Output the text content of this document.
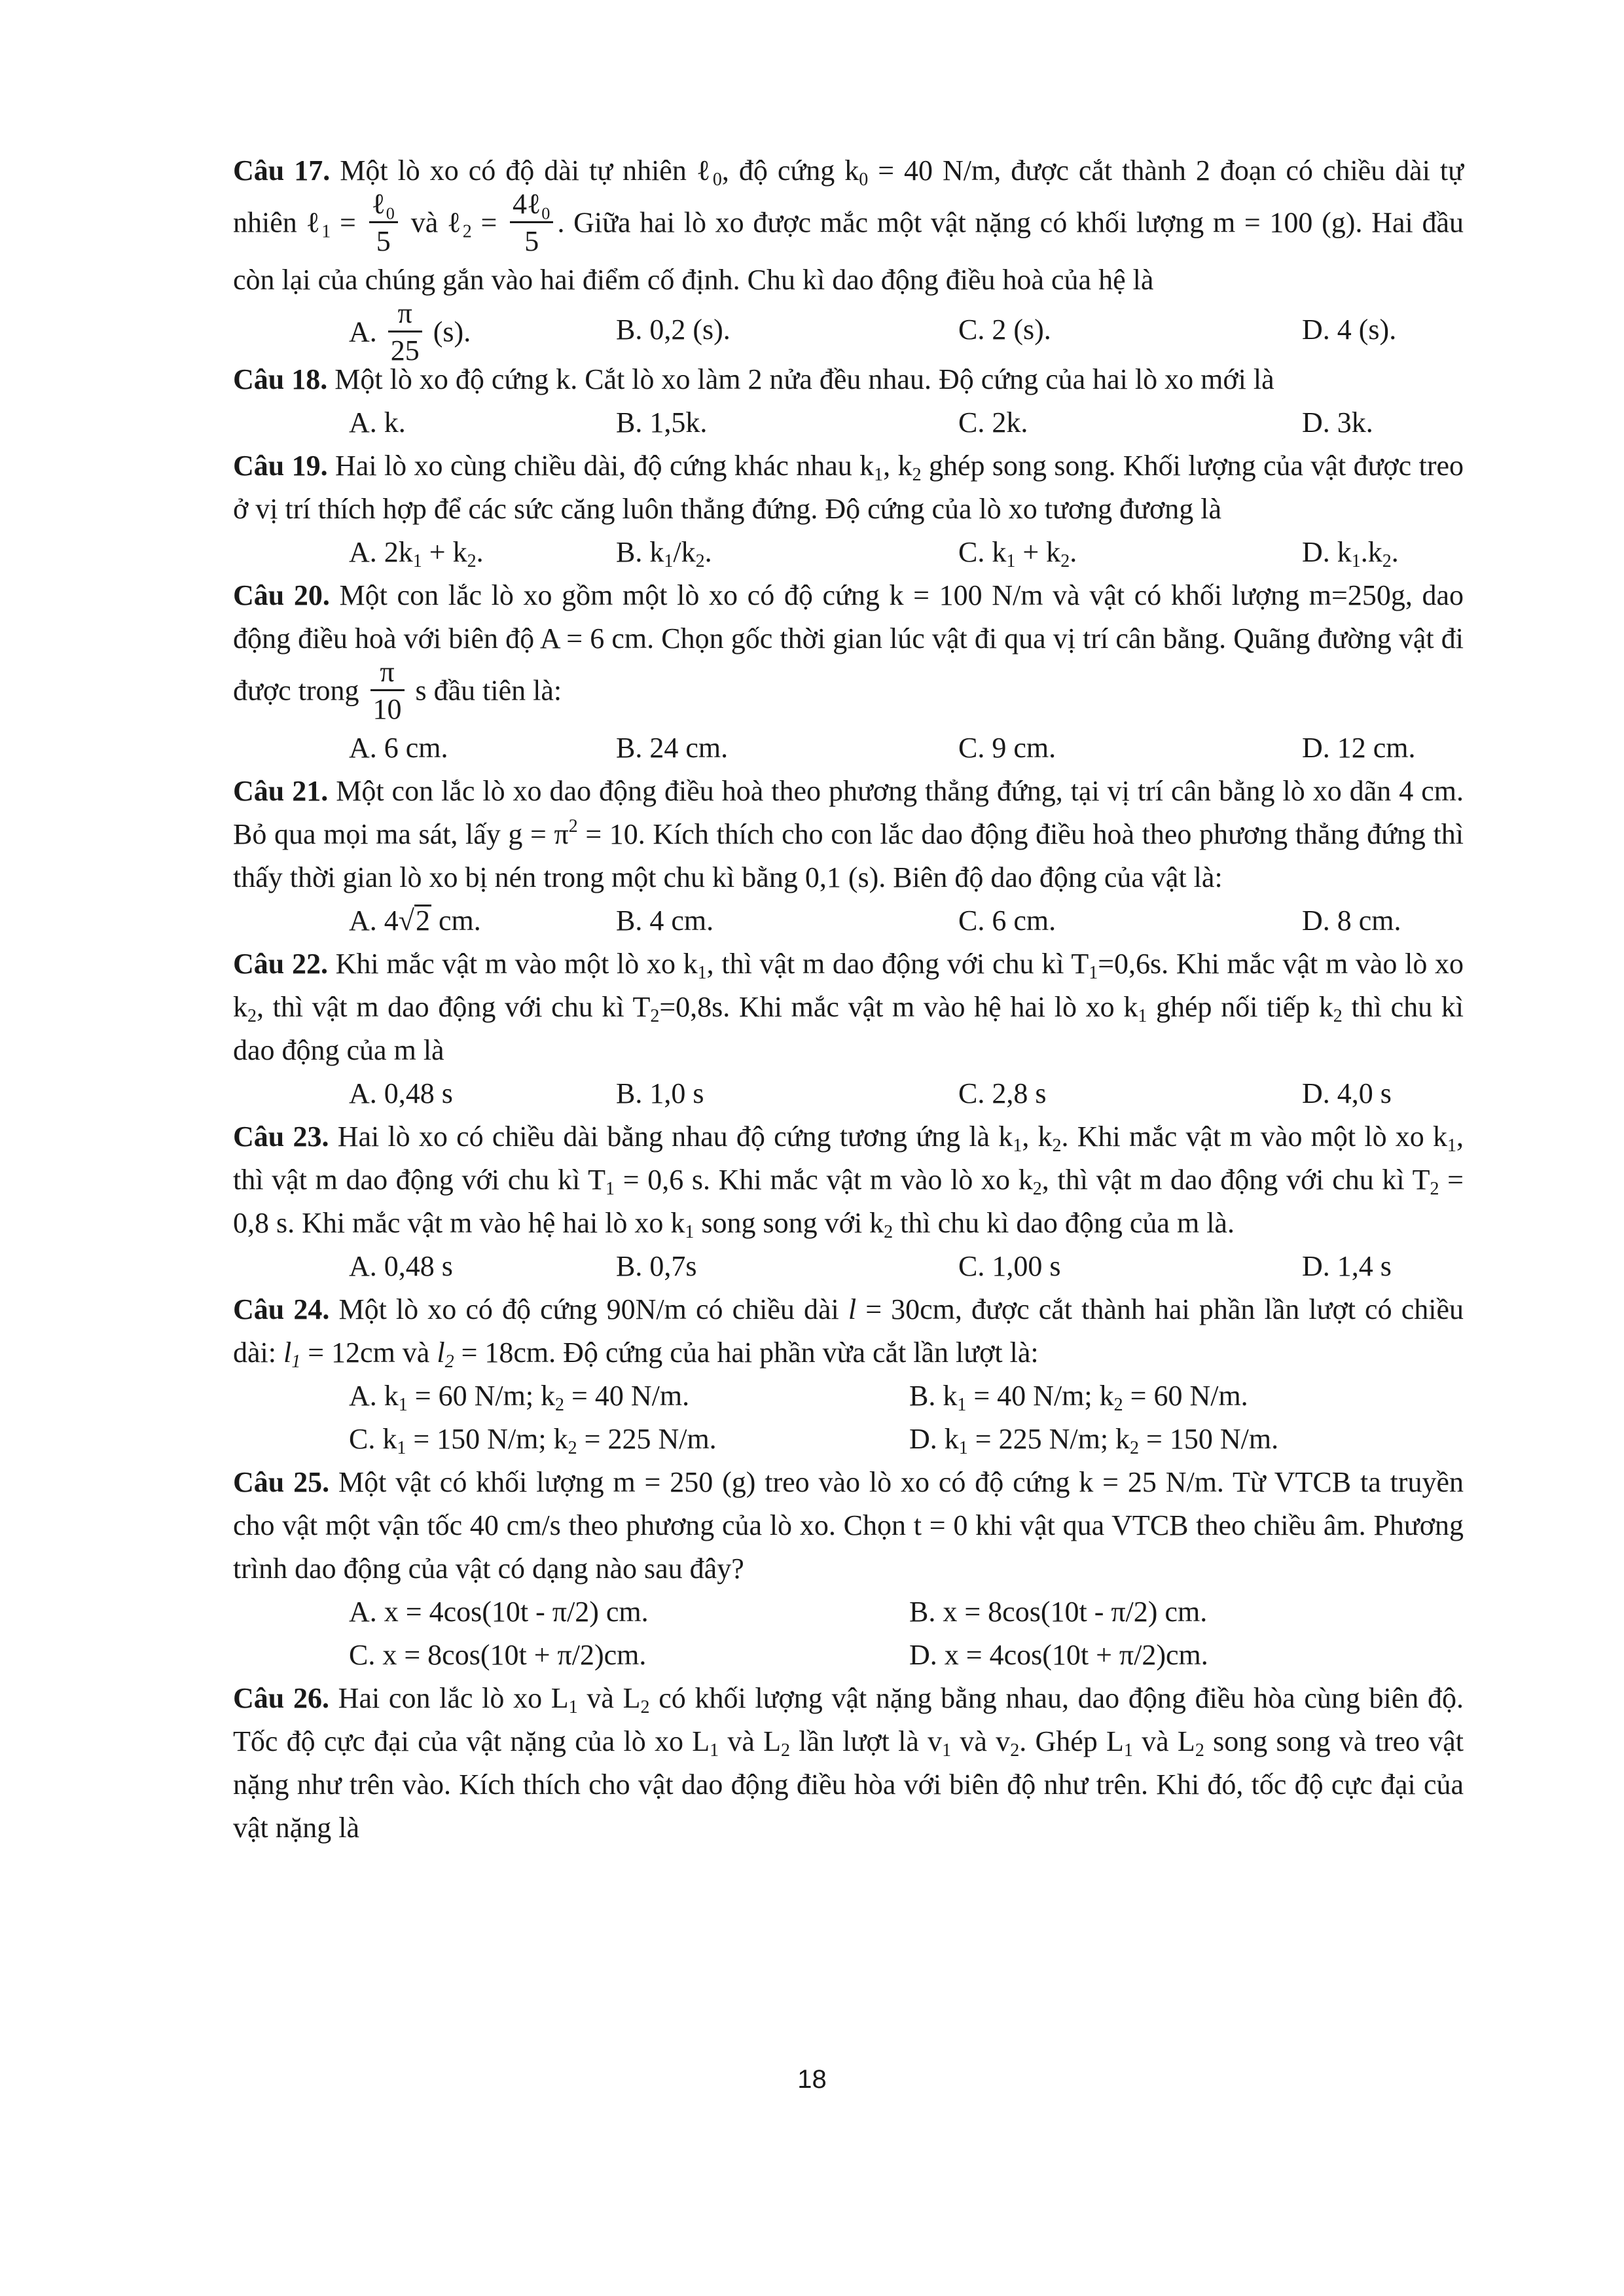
Câu 17. Một lò xo có độ dài tự nhiên ℓ$_0$, độ cứng $k_0 = 40$ N/m, được cắt thành 2 đoạn có chiều dài tự nhiên ℓ$_1$ = $\frac{\text{ℓ₀}}{5}$ và ℓ$_2$ = $\frac{\text{4ℓ₀}}{5}$ . Giữa hai lò xo được mắc một vật nặng có khối lượng m = 100 (g). Hai đầu còn lại của chúng gắn vào hai điểm cố định. Chu kì dao động điều hoà của hệ là

A. $\frac{\pi}{25} (s)$.	B. 0,2 (s).	C. 2 (s).	D. 4 (s).

Câu 18. Một lò xo độ cứng k. Cắt lò xo làm 2 nửa đều nhau. Độ cứng của hai lò xo mới là

A. k.	B. 1,5k.	C. 2k.	D. 3k.

Câu 19. Hai lò xo cùng chiều dài, độ cứng khác nhau $k_1$, $k_2$ ghép song song. Khối lượng của vật được treo ở vị trí thích hợp để các sức căng luôn thẳng đứng. Độ cứng của lò xo tương đương là

A. $2k_1 + k_2$.	B. $k_1/k_2$.	C. $k_1 + k_2$.	D. $k_1.k_2$.

Câu 20. Một con lắc lò xo gồm một lò xo có độ cứng k = 100 N/m và vật có khối lượng m=250g, dao động điều hoà với biên độ A = 6 cm. Chọn gốc thời gian lúc vật đi qua vị trí cân bằng. Quãng đường vật đi được trong $\frac{\pi}{10}$ s đầu tiên là:

A. 6 cm.	B. 24 cm.	C. 9 cm.	D. 12 cm.

Câu 21. Một con lắc lò xo dao động điều hoà theo phương thẳng đứng, tại vị trí cân bằng lò xo dãn 4 cm. Bỏ qua mọi ma sát, lấy $g = \pi^2 = 10$. Kích thích cho con lắc dao động điều hoà theo phương thẳng đứng thì thấy thời gian lò xo bị nén trong một chu kì bằng 0,1 (s). Biên độ dao động của vật là:

A. 4√2 cm.	B. 4 cm.	C. 6 cm.	D. 8 cm.

Câu 22. Khi mắc vật m vào một lò xo $k_1$, thì vật m dao động với chu kì $T_1=0,6s$. Khi mắc vật m vào lò xo $k_2$, thì vật m dao động với chu kì $T_2=0,8s$. Khi mắc vật m vào hệ hai lò xo $k_1$ ghép nối tiếp $k_2$ thì chu kì dao động của m là

A. 0,48 s	B. 1,0 s	C. 2,8 s	D. 4,0 s

Câu 23. Hai lò xo có chiều dài bằng nhau độ cứng tương ứng là $k_1$, $k_2$. Khi mắc vật m vào một lò xo $k_1$, thì vật m dao động với chu kì $T_1 = 0,6$ s. Khi mắc vật m vào lò xo $k_2$, thì vật m dao động với chu kì $T_2 = 0,8$ s. Khi mắc vật m vào hệ hai lò xo $k_1$ song song với $k_2$ thì chu kì dao động của m là.

A. 0,48 s	B. 0,7s	C. 1,00 s	D. 1,4 s

Câu 24. Một lò xo có độ cứng 90N/m có chiều dài l = 30cm, được cắt thành hai phần lần lượt có chiều dài: $l_1 = 12cm$ và $l_2 = 18cm$. Độ cứng của hai phần vừa cắt lần lượt là:

A. $k_1 = 60$ N/m; $k_2 = 40$ N/m.	B. $k_1 = 40$ N/m; $k_2 = 60$ N/m.
C. $k_1 = 150$ N/m; $k_2 = 225$ N/m.	D. $k_1 = 225$ N/m; $k_2 = 150$ N/m.

Câu 25. Một vật có khối lượng m = 250 (g) treo vào lò xo có độ cứng k = 25 N/m. Từ VTCB ta truyền cho vật một vận tốc 40 cm/s theo phương của lò xo. Chọn t = 0 khi vật qua VTCB theo chiều âm. Phương trình dao động của vật có dạng nào sau đây?

A. x = 4cos(10t - π/2) cm.	B. x = 8cos(10t - π/2) cm.
C. x = 8cos(10t + π/2)cm.	D. x = 4cos(10t + π/2)cm.

Câu 26. Hai con lắc lò xo $L_1$ và $L_2$ có khối lượng vật nặng bằng nhau, dao động điều hòa cùng biên độ. Tốc độ cực đại của vật nặng của lò xo $L_1$ và $L_2$ lần lượt là $v_1$ và $v_2$. Ghép $L_1$ và $L_2$ song song và treo vật nặng như trên vào. Kích thích cho vật dao động điều hòa với biên độ như trên. Khi đó, tốc độ cực đại của vật nặng là

18
